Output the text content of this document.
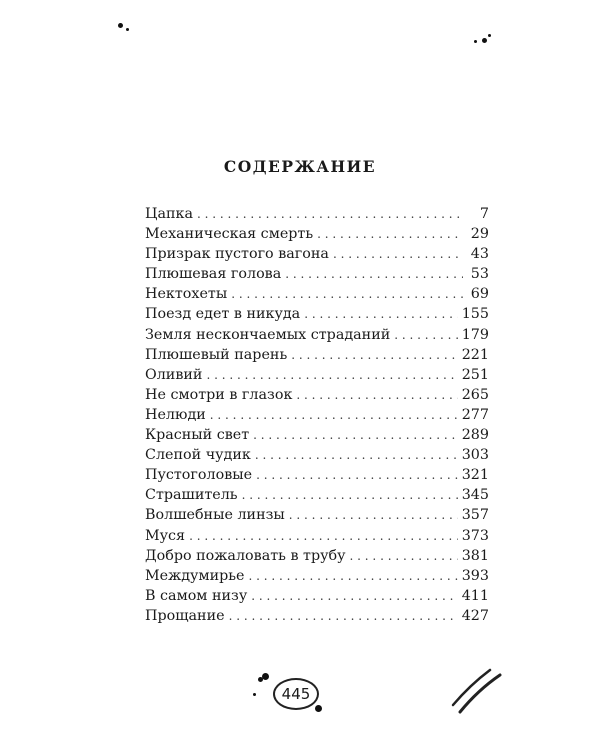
СОДЕРЖАНИЕ
Цапка . . .	7
Механическая смерть . . .	29
Призрак пустого вагона . . .	43
Плюшевая голова . . .	53
Нектохеты . . .	69
Поезд едет в никуда . . .	155
Земля нескончаемых страданий . . .	179
Плюшевый парень . . .	221
Оливий . . .	251
Не смотри в глазок . . .	265
Нелюди . . .	277
Красный свет . . .	289
Слепой чудик . . .	303
Пустоголовые . . .	321
Страшитель . . .	345
Волшебные линзы . . .	357
Муся . . .	373
Добро пожаловать в трубу . . .	381
Междумирье . . .	393
В самом низу . . .	411
Прощание . . .	427
445
